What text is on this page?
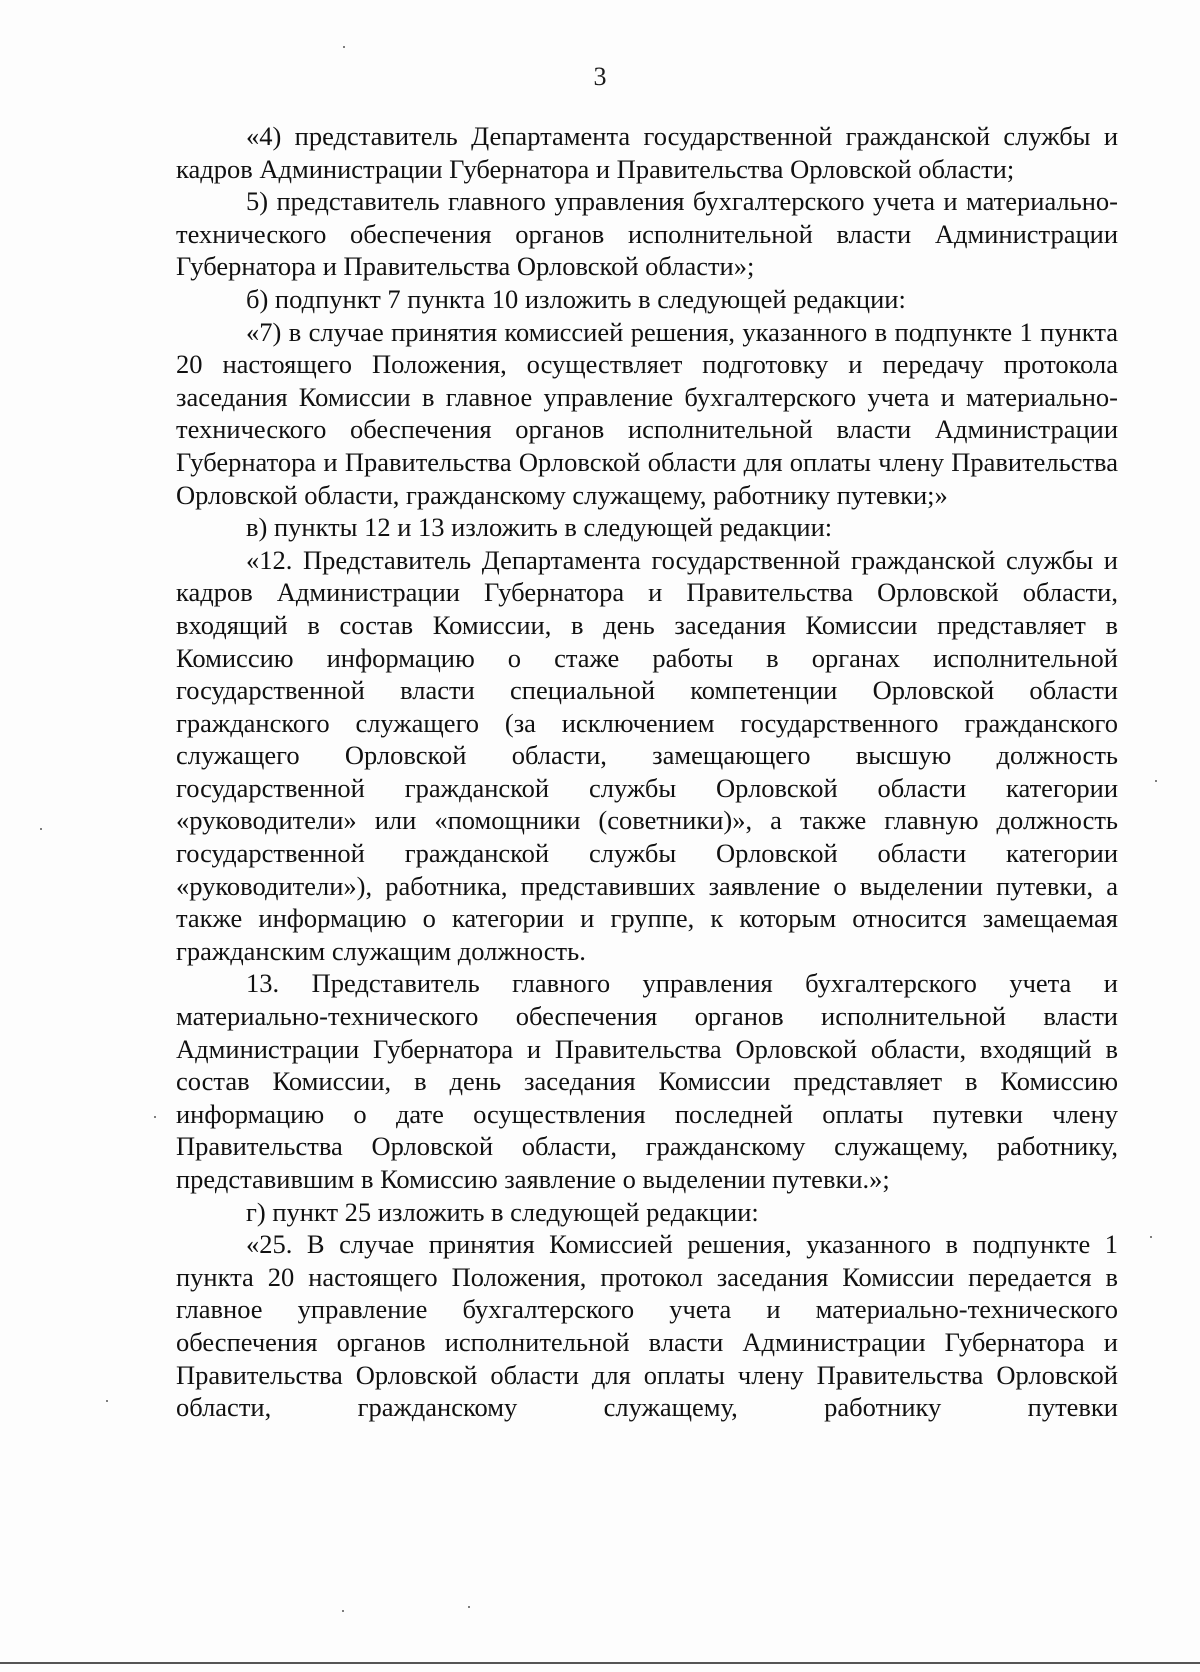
3

«4) представитель Департамента государственной гражданской службы и кадров Администрации Губернатора и Правительства Орловской области;

5) представитель главного управления бухгалтерского учета и материально-технического обеспечения органов исполнительной власти Администрации Губернатора и Правительства Орловской области»;

б) подпункт 7 пункта 10 изложить в следующей редакции:

«7) в случае принятия комиссией решения, указанного в подпункте 1 пункта 20 настоящего Положения, осуществляет подготовку и передачу протокола заседания Комиссии в главное управление бухгалтерского учета и материально-технического обеспечения органов исполнительной власти Администрации Губернатора и Правительства Орловской области для оплаты члену Правительства Орловской области, гражданскому служащему, работнику путевки;»

в) пункты 12 и 13 изложить в следующей редакции:

«12. Представитель Департамента государственной гражданской службы и кадров Администрации Губернатора и Правительства Орловской области, входящий в состав Комиссии, в день заседания Комиссии представляет в Комиссию информацию о стаже работы в органах исполнительной государственной власти специальной компетенции Орловской области гражданского служащего (за исключением государственного гражданского служащего Орловской области, замещающего высшую должность государственной гражданской службы Орловской области категории «руководители» или «помощники (советники)», а также главную должность государственной гражданской службы Орловской области категории «руководители»), работника, представивших заявление о выделении путевки, а также информацию о категории и группе, к которым относится замещаемая гражданским служащим должность.

13. Представитель главного управления бухгалтерского учета и материально-технического обеспечения органов исполнительной власти Администрации Губернатора и Правительства Орловской области, входящий в состав Комиссии, в день заседания Комиссии представляет в Комиссию информацию о дате осуществления последней оплаты путевки члену Правительства Орловской области, гражданскому служащему, работнику, представившим в Комиссию заявление о выделении путевки.»;

г) пункт 25 изложить в следующей редакции:

«25. В случае принятия Комиссией решения, указанного в подпункте 1 пункта 20 настоящего Положения, протокол заседания Комиссии передается в главное управление бухгалтерского учета и материально-технического обеспечения органов исполнительной власти Администрации Губернатора и Правительства Орловской области для оплаты члену Правительства Орловской области, гражданскому служащему, работнику путевки
